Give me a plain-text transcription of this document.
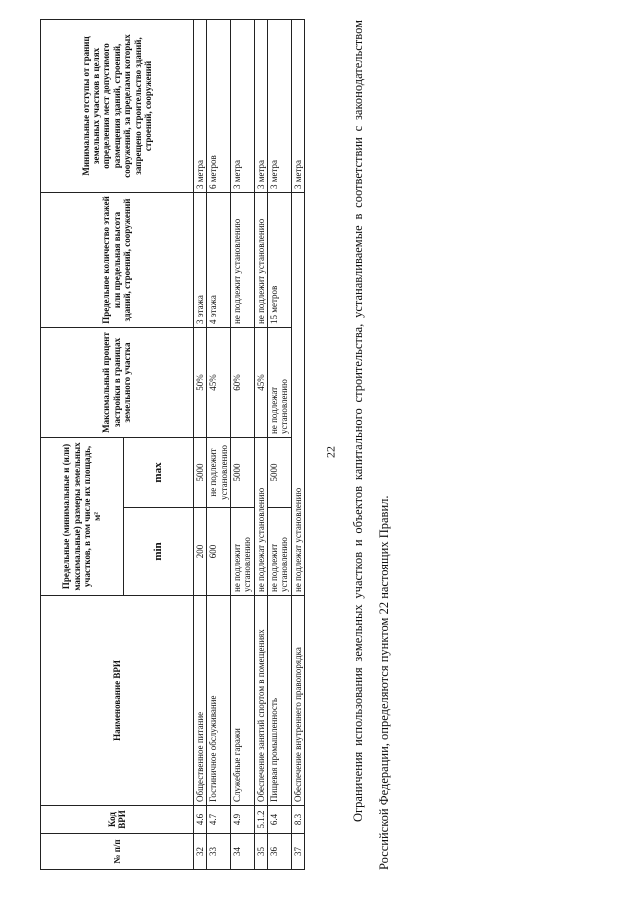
22
№ п/п	Код ВРИ	Наименование ВРИ	Предельные (минимальные и (или) максимальные) размеры земельных участков, в том числе их площадь, м²		Максимальный процент застройки в границах земельного участка	Предельное количество этажей или предельная высота зданий, строений, сооружений	Минимальные отступы от границ земельных участков в целях определения мест допустимого размещения зданий, строений, сооружений, за пределами которых запрещено строительство зданий, строений, сооружений
			min	max			
32	4.6	Общественное питание	200	5000	50%	3 этажа	3 метра
33	4.7	Гостиничное обслуживание	600	не подлежит установлению	45%	4 этажа	6 метров
34	4.9	Служебные гаражи	не подлежит установлению	5000	60%	не подлежит установлению	3 метра
35	5.1.2	Обеспечение занятий спортом в помещениях	не подлежат установлению		45%	не подлежит установлению	3 метра
36	6.4	Пищевая промышленность	не подлежит установлению	5000	не подлежат установлению	15 метров	3 метра
37	8.3	Обеспечение внутреннего правопорядка	не подлежат установлению				3 метра	Ограничения использования земельных участков и объектов капитального строительства, устанавливаемые в соответствии с законодательством Российской Федерации, определяются пунктом 22 настоящих Правил.
